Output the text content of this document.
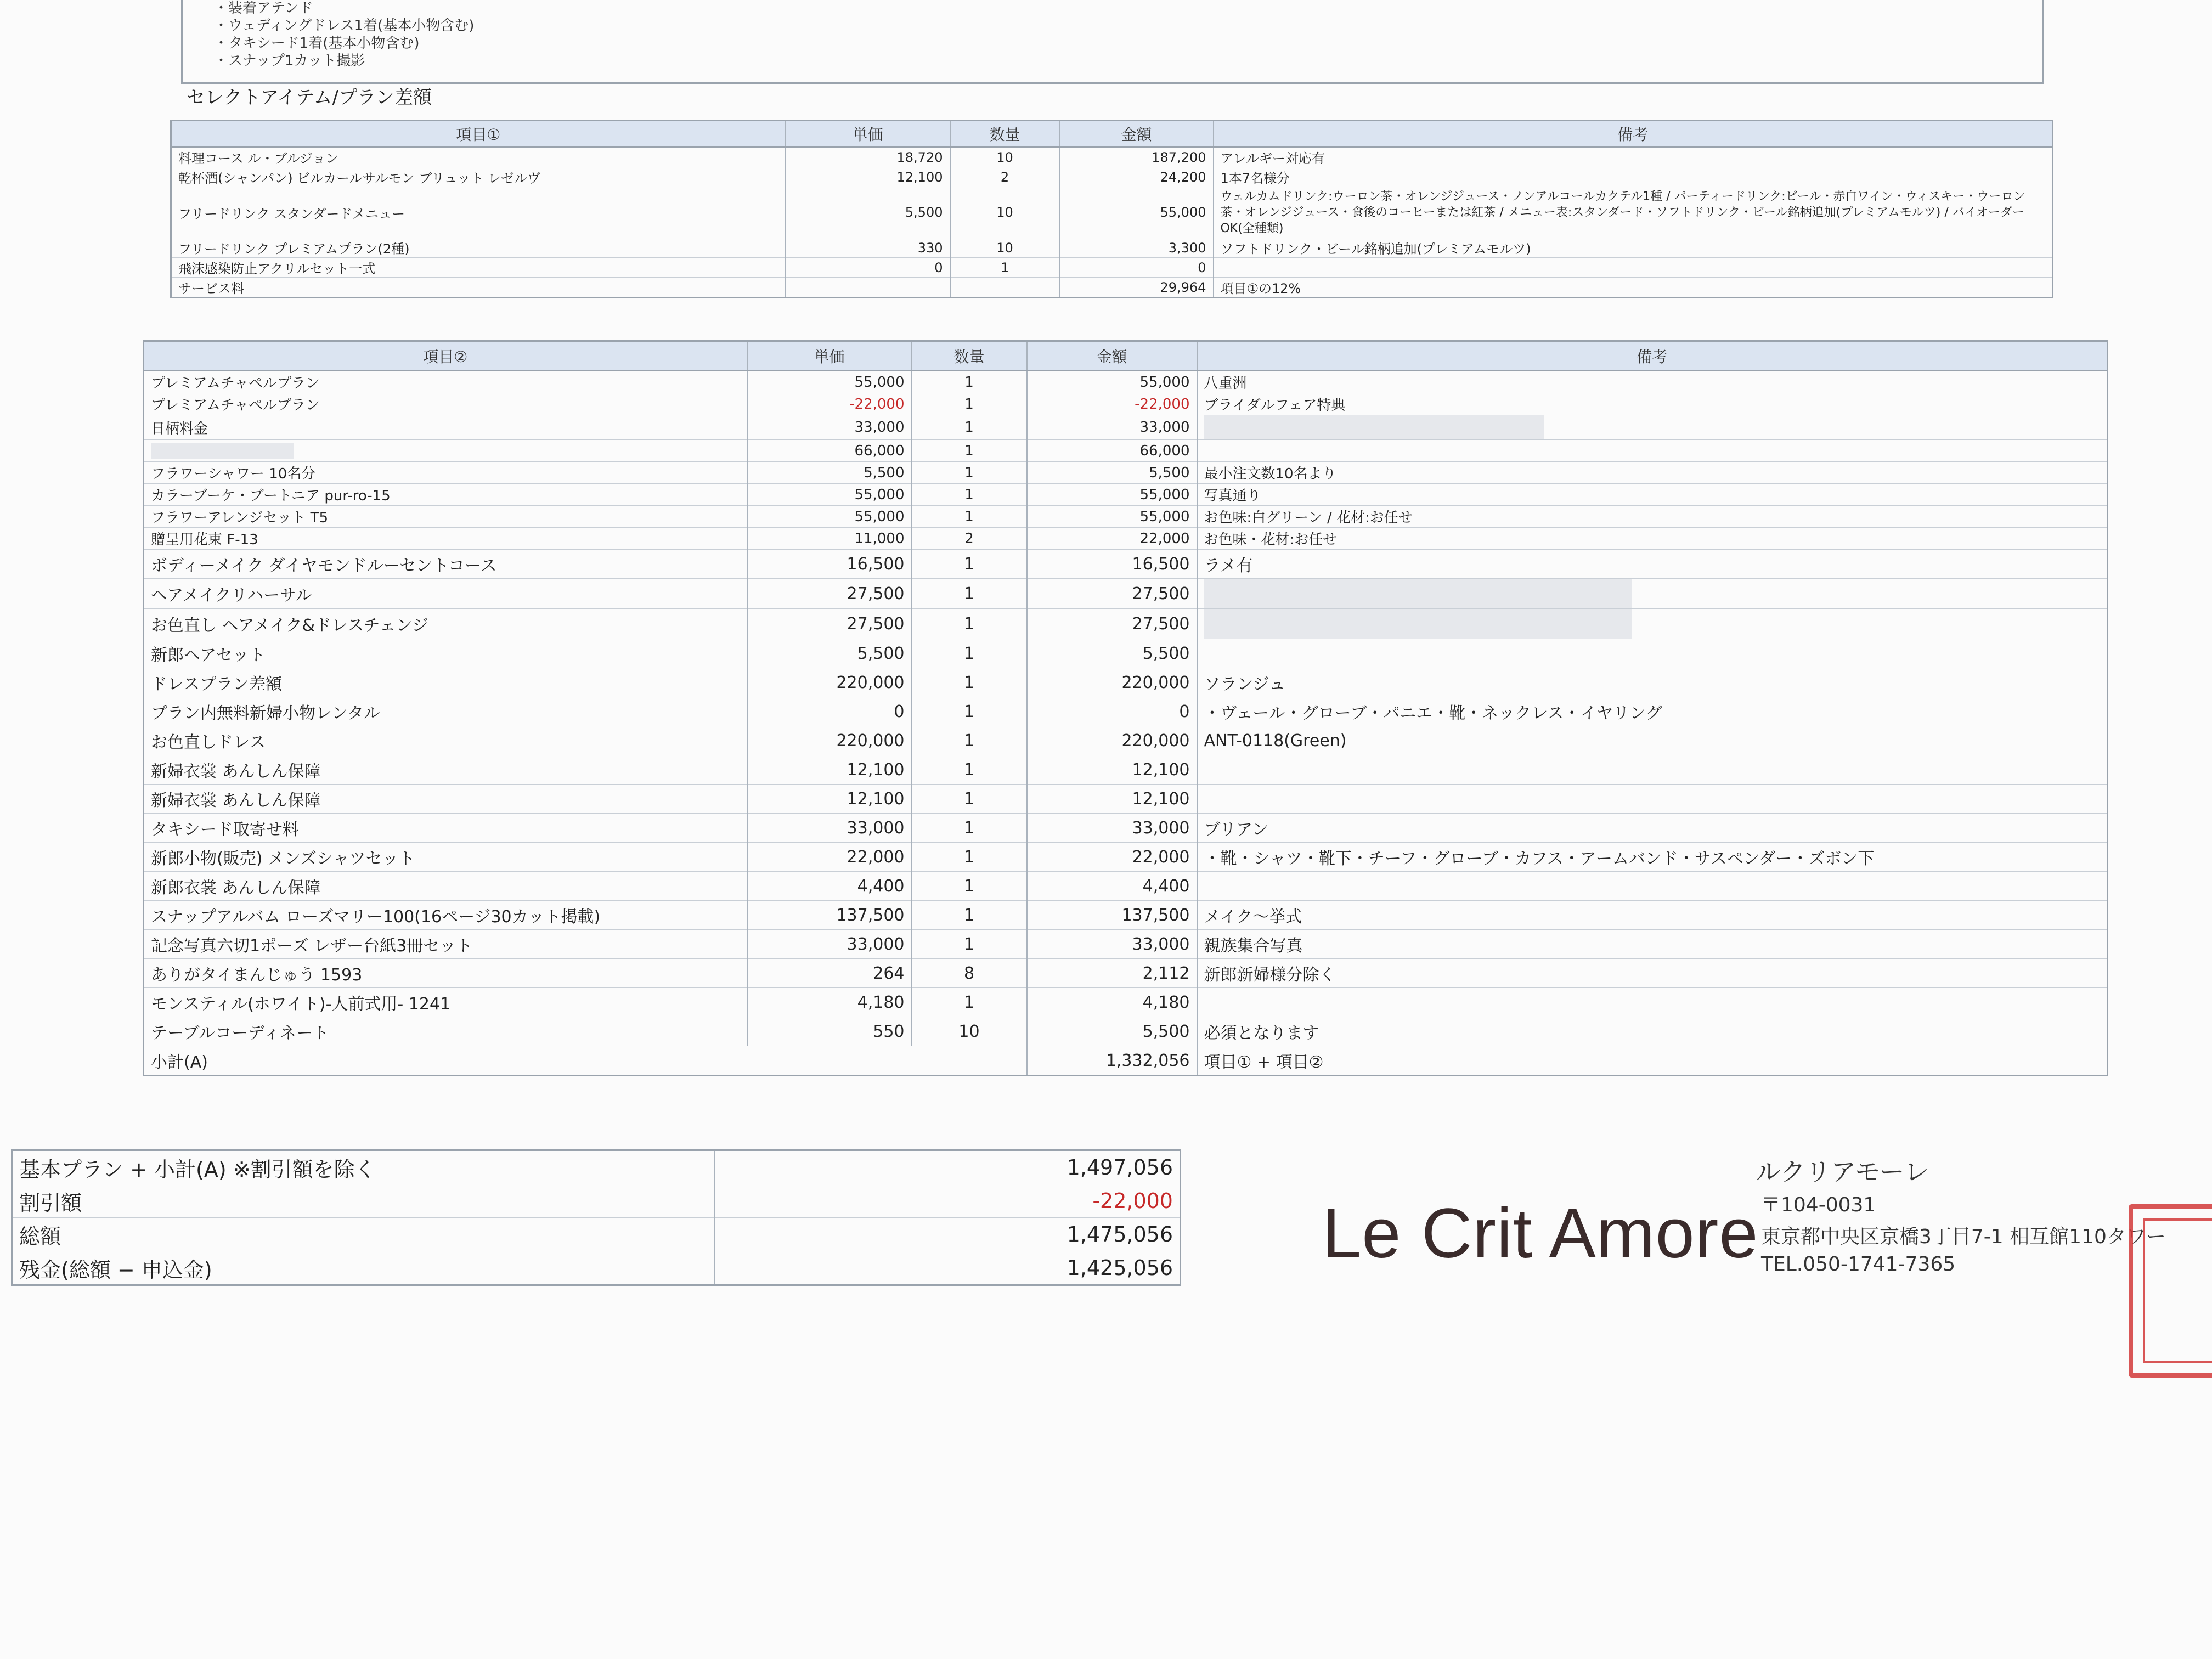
・装着アテンド
・ウェディングドレス1着(基本小物含む)
・タキシード1着(基本小物含む)
・スナップ1カット撮影
セレクトアイテム/プラン差額
項目①	単価	数量	金額	備考
料理コース ル・ブルジョン	18,720	10	187,200	アレルギー対応有
乾杯酒(シャンパン) ビルカールサルモン ブリュット レゼルヴ	12,100	2	24,200	1本7名様分
フリードリンク スタンダードメニュー	5,500	10	55,000	ウェルカムドリンク:ウーロン茶・オレンジジュース・ノンアルコールカクテル1種 / パーティードリンク:ビール・赤白ワイン・ウィスキー・ウーロン茶・オレンジジュース・食後のコーヒーまたは紅茶 / メニュー表:スタンダード・ソフトドリンク・ビール銘柄追加(プレミアムモルツ) / バイオーダーOK(全種類)
フリードリンク プレミアムプラン(2種)	330	10	3,300	ソフトドリンク・ビール銘柄追加(プレミアムモルツ)
飛沫感染防止アクリルセット一式	0	1	0	
サービス料			29,964	項目①の12%
項目②	単価	数量	金額	備考
プレミアムチャペルプラン	55,000	1	55,000	八重洲
プレミアムチャペルプラン	-22,000	1	-22,000	ブライダルフェア特典
日柄料金	33,000	1	33,000	
	66,000	1	66,000	
フラワーシャワー 10名分	5,500	1	5,500	最小注文数10名より
カラーブーケ・ブートニア pur-ro-15	55,000	1	55,000	写真通り
フラワーアレンジセット T5	55,000	1	55,000	お色味:白グリーン / 花材:お任せ
贈呈用花束 F-13	11,000	2	22,000	お色味・花材:お任せ
ボディーメイク ダイヤモンドルーセントコース	16,500	1	16,500	ラメ有
ヘアメイクリハーサル	27,500	1	27,500	
お色直し ヘアメイク&ドレスチェンジ	27,500	1	27,500	
新郎ヘアセット	5,500	1	5,500	
ドレスプラン差額	220,000	1	220,000	ソランジュ
プラン内無料新婦小物レンタル	0	1	0	・ヴェール・グローブ・パニエ・靴・ネックレス・イヤリング
お色直しドレス	220,000	1	220,000	ANT-0118(Green)
新婦衣裳 あんしん保障	12,100	1	12,100	
新婦衣裳 あんしん保障	12,100	1	12,100	
タキシード取寄せ料	33,000	1	33,000	ブリアン
新郎小物(販売) メンズシャツセット	22,000	1	22,000	・靴・シャツ・靴下・チーフ・グローブ・カフス・アームバンド・サスペンダー・ズボン下
新郎衣裳 あんしん保障	4,400	1	4,400	
スナップアルバム ローズマリー100(16ページ30カット掲載)	137,500	1	137,500	メイク〜挙式
記念写真六切1ポーズ レザー台紙3冊セット	33,000	1	33,000	親族集合写真
ありがタイまんじゅう 1593	264	8	2,112	新郎新婦様分除く
モンスティル(ホワイト)-人前式用- 1241	4,180	1	4,180	
テーブルコーディネート	550	10	5,500	必須となります
小計(A)			1,332,056	項目① + 項目②
基本プラン + 小計(A) ※割引額を除く	1,497,056
割引額	-22,000
総額	1,475,056
残金(総額 − 申込金)	1,425,056
ルクリアモーレ
Le Crit Amore 〒104-0031
東京都中央区京橋3丁目7-1 相互館110タワー
TEL.050-1741-7365
